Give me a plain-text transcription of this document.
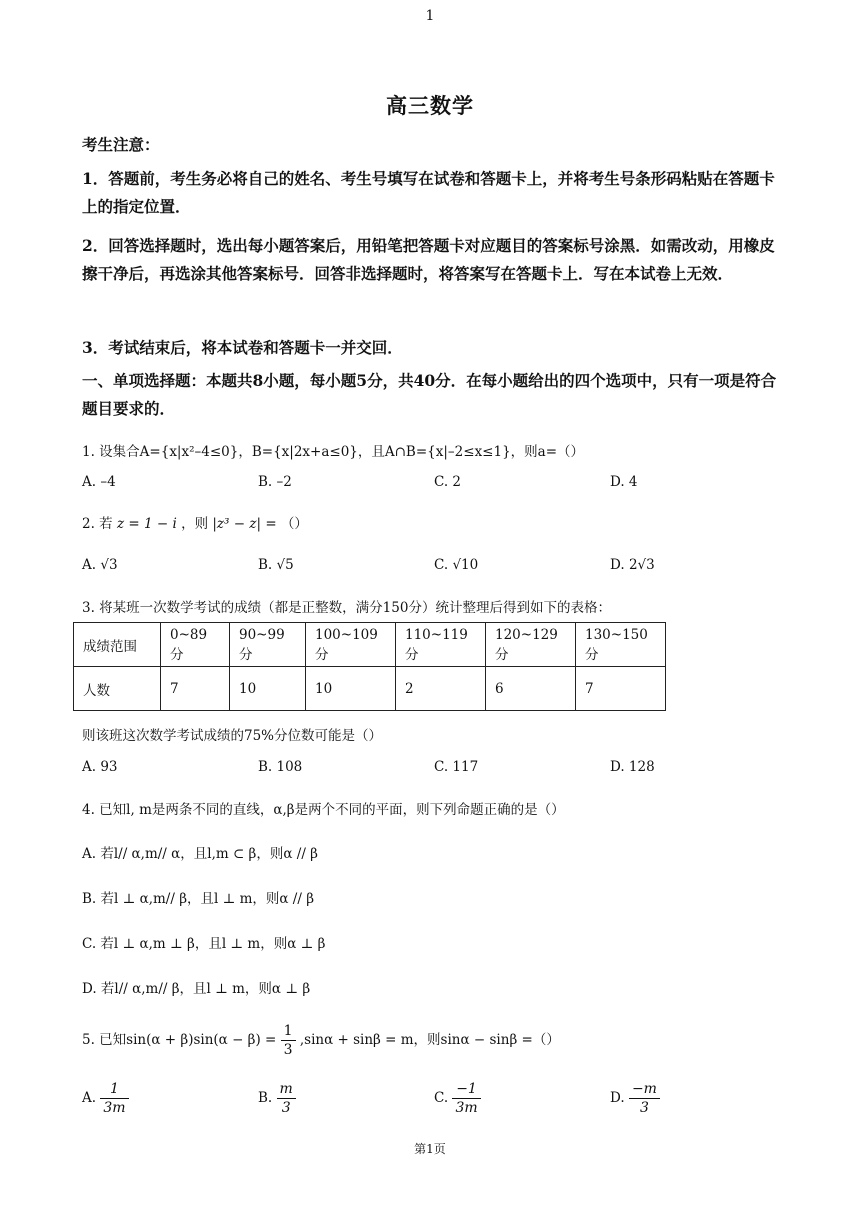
1
高三数学
考生注意：
1．答题前，考生务必将自己的姓名、考生号填写在试卷和答题卡上，并将考生号条形码粘贴在答题卡上的指定位置．
2．回答选择题时，选出每小题答案后，用铅笔把答题卡对应题目的答案标号涂黑．如需改动，用橡皮擦干净后，再选涂其他答案标号．回答非选择题时，将答案写在答题卡上．写在本试卷上无效．
3．考试结束后，将本试卷和答题卡一并交回．
一、单项选择题：本题共8小题，每小题5分，共40分．在每小题给出的四个选项中，只有一项是符合题目要求的．
1. 设集合A={x|x²–4≤0}，B={x|2x+a≤0}，且A∩B={x|–2≤x≤1}，则a=（）
A. –4	B. –2	C. 2	D. 4
2. 若 z = 1 − i ，则 |z³ − z| = （）
A. √3	B. √5	C. √10	D. 2√3
3. 将某班一次数学考试的成绩（都是正整数，满分150分）统计整理后得到如下的表格：
成绩范围	0~89分	90~99分	100~109分	110~119分	120~129分	130~150分
人数	7	10	10	2	6	7
则该班这次数学考试成绩的75%分位数可能是（）
A. 93	B. 108	C. 117	D. 128
4. 已知l, m是两条不同的直线，α,β是两个不同的平面，则下列命题正确的是（）
A. 若l// α,m// α，且l,m ⊂ β，则α // β
B. 若l ⊥ α,m// β，且l ⊥ m，则α // β
C. 若l ⊥ α,m ⊥ β，且l ⊥ m，则α ⊥ β
D. 若l// α,m// β，且l ⊥ m，则α ⊥ β
5. 已知$\sin(\alpha + \beta)\sin(\alpha - \beta) = \frac{1}{3} ,\sin\alpha + \sin\beta = m$，则sinα − sinβ =（）
A. $\frac{1}{3m}$	B. $\frac{m}{3}$	C. $\frac{-1}{3m}$	D. $\frac{-m}{3}$
第1页
